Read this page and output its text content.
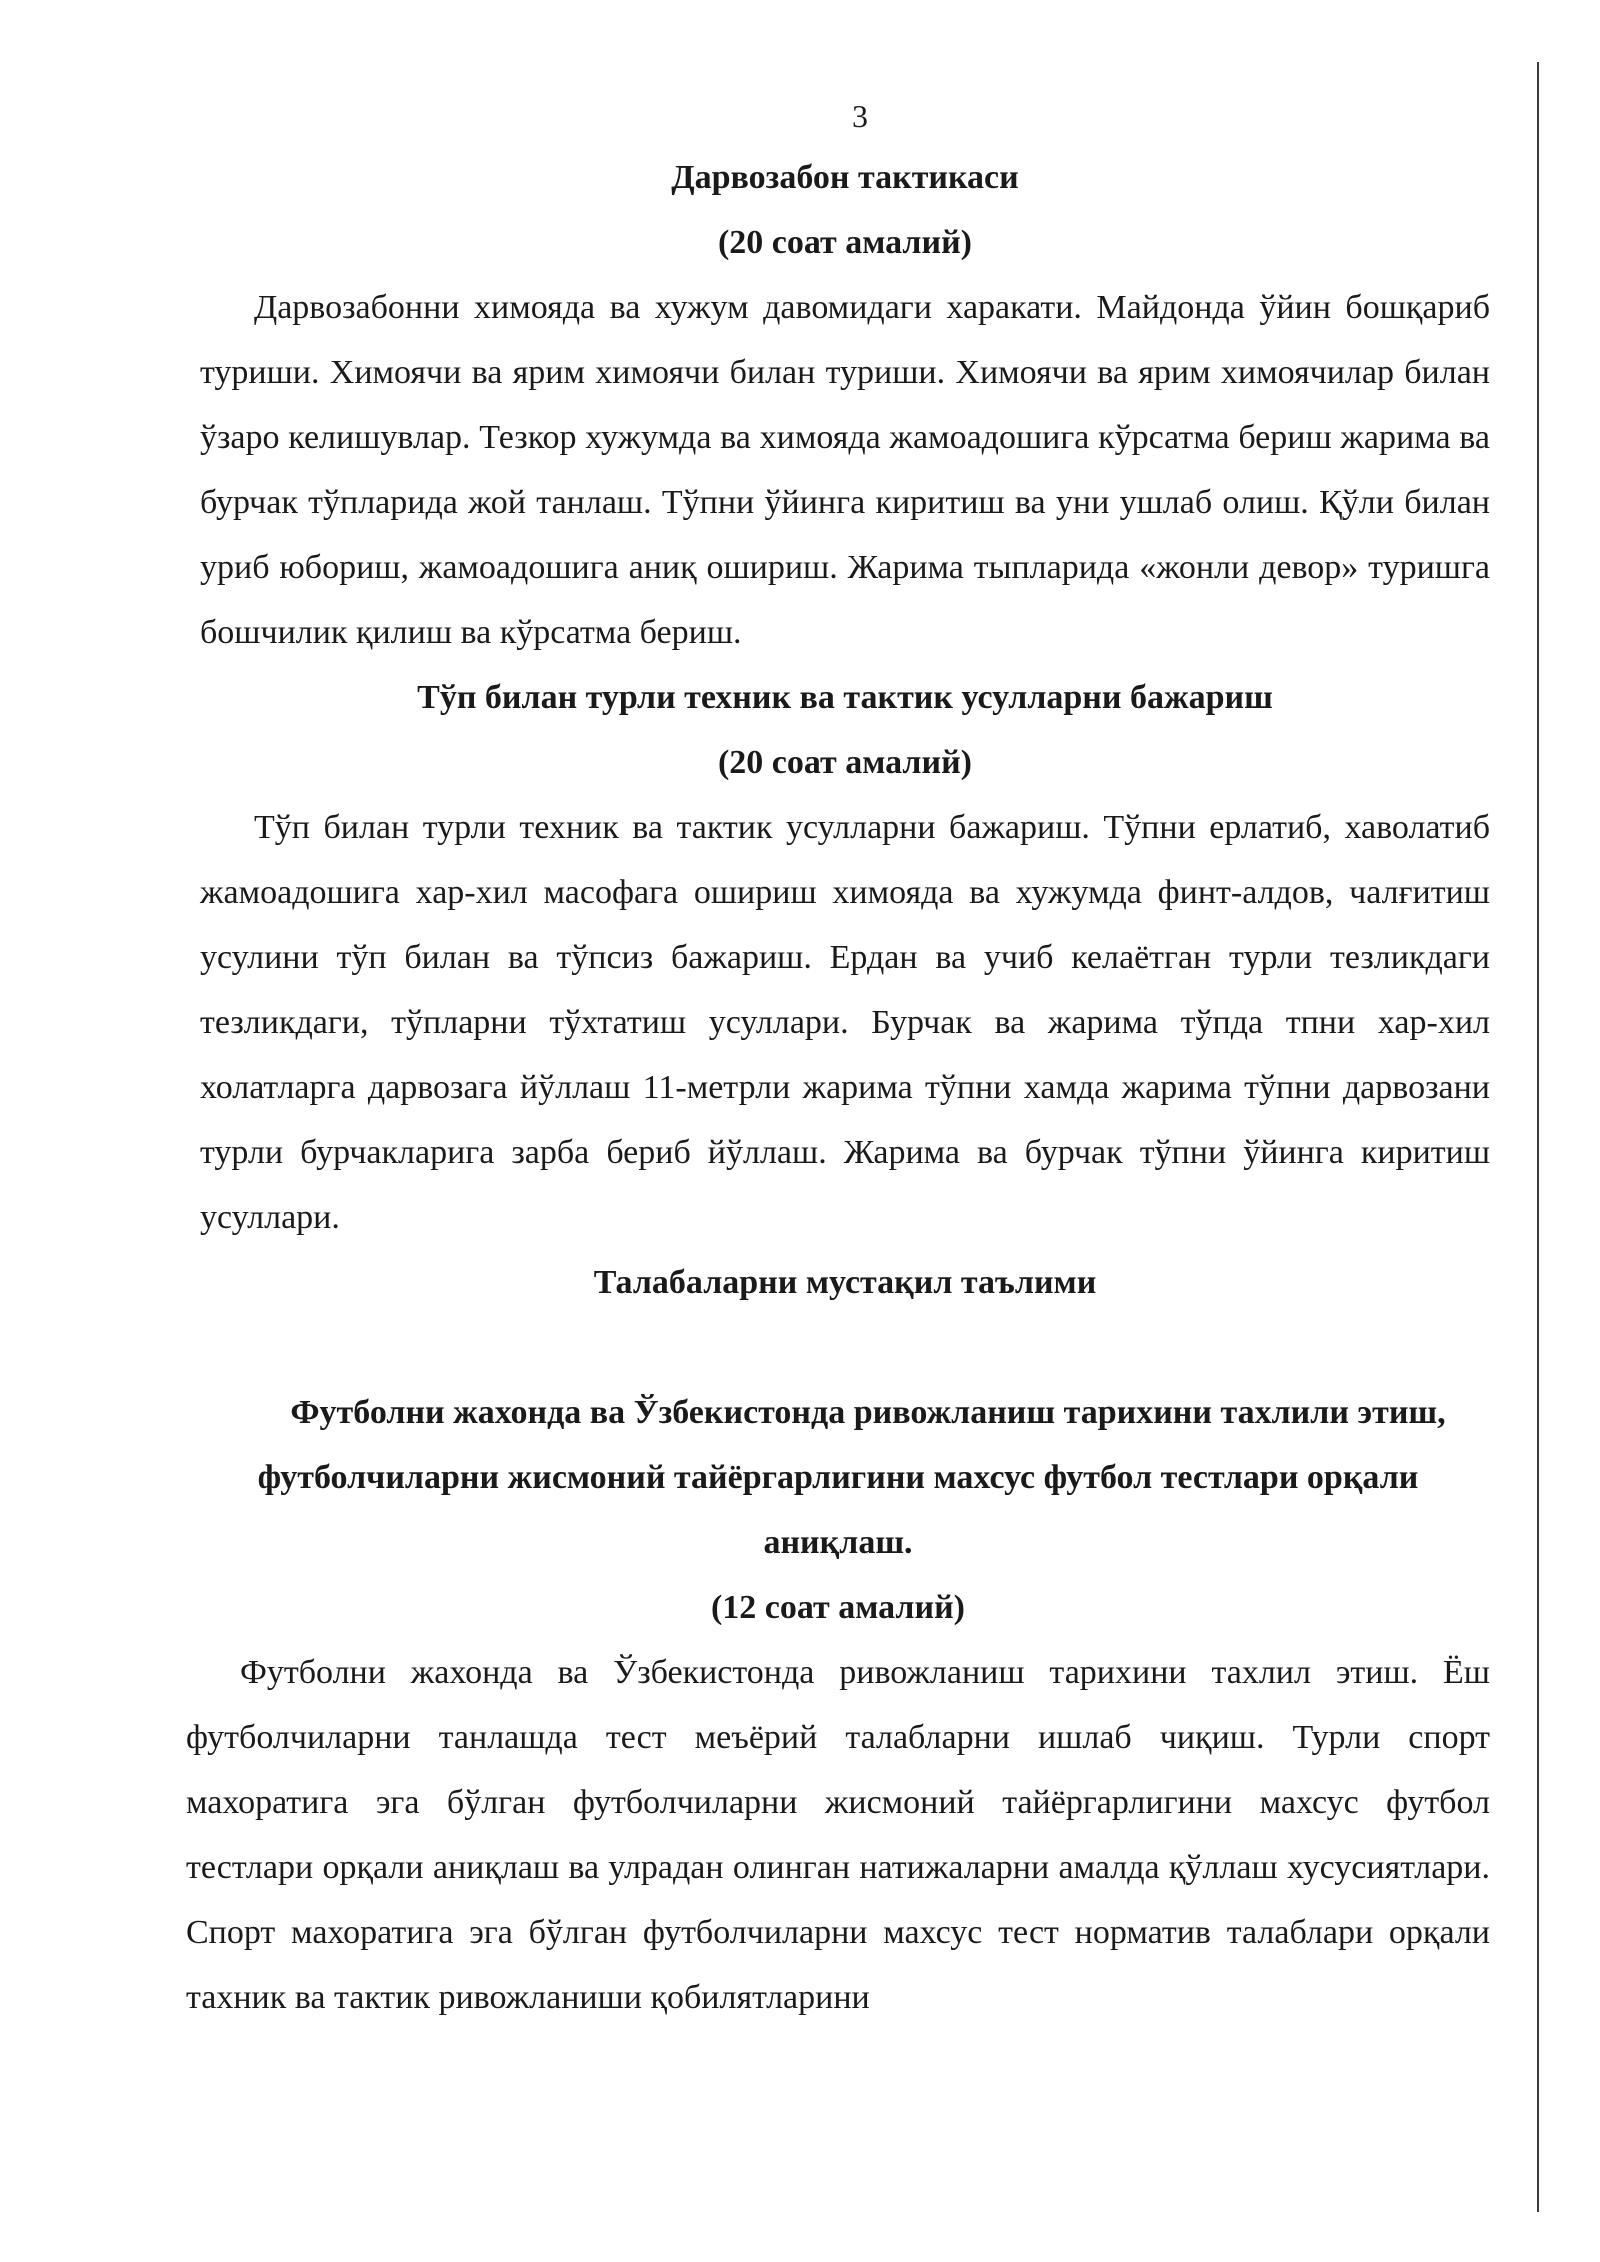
3

Дарвозабон тактикаси

(20 соат амалий)

Дарвозабонни химояда ва хужум давомидаги харакати. Майдонда ўйин бошқариб туриши. Химоячи ва ярим химоячи билан туриши. Химоячи ва ярим химоячилар билан ўзаро келишувлар. Тезкор хужумда ва химояда жамоадошига кўрсатма бериш жарима ва бурчак тўпларида жой танлаш. Тўпни ўйинга киритиш ва уни ушлаб олиш. Қўли билан уриб юбориш, жамоадошига аниқ ошириш. Жарима тыпларида «жонли девор» туришга бошчилик қилиш ва кўрсатма бериш.

Тўп билан турли техник ва тактик усулларни бажариш

(20 соат амалий)

Тўп билан турли техник ва тактик усулларни бажариш. Тўпни ерлатиб, хаволатиб жамоадошига хар-хил масофага ошириш химояда ва хужумда финт-алдов, чалғитиш усулини тўп билан ва тўпсиз бажариш. Ердан ва учиб келаётган турли тезликдаги тезликдаги, тўпларни тўхтатиш усуллари. Бурчак ва жарима тўпда тпни хар-хил холатларга дарвозага йўллаш 11-метрли жарима тўпни хамда жарима тўпни дарвозани турли бурчакларига зарба бериб йўллаш. Жарима ва бурчак тўпни ўйинга киритиш усуллари.

Талабаларни мустақил таълими

Футболни жахонда ва Ўзбекистонда ривожланиш тарихини тахлили этиш, футболчиларни жисмоний тайёргарлигини махсус футбол тестлари орқали аниқлаш.

(12 соат амалий)

Футболни жахонда ва Ўзбекистонда ривожланиш тарихини тахлил этиш. Ёш футболчиларни танлашда тест меъёрий талабларни ишлаб чиқиш. Турли спорт махоратига эга бўлган футболчиларни жисмоний тайёргарлигини махсус футбол тестлари орқали аниқлаш ва улрадан олинган натижаларни амалда қўллаш хусусиятлари. Спорт махоратига эга бўлган футболчиларни махсус тест норматив талаблари орқали тахник ва тактик ривожланиши қобилятларини
